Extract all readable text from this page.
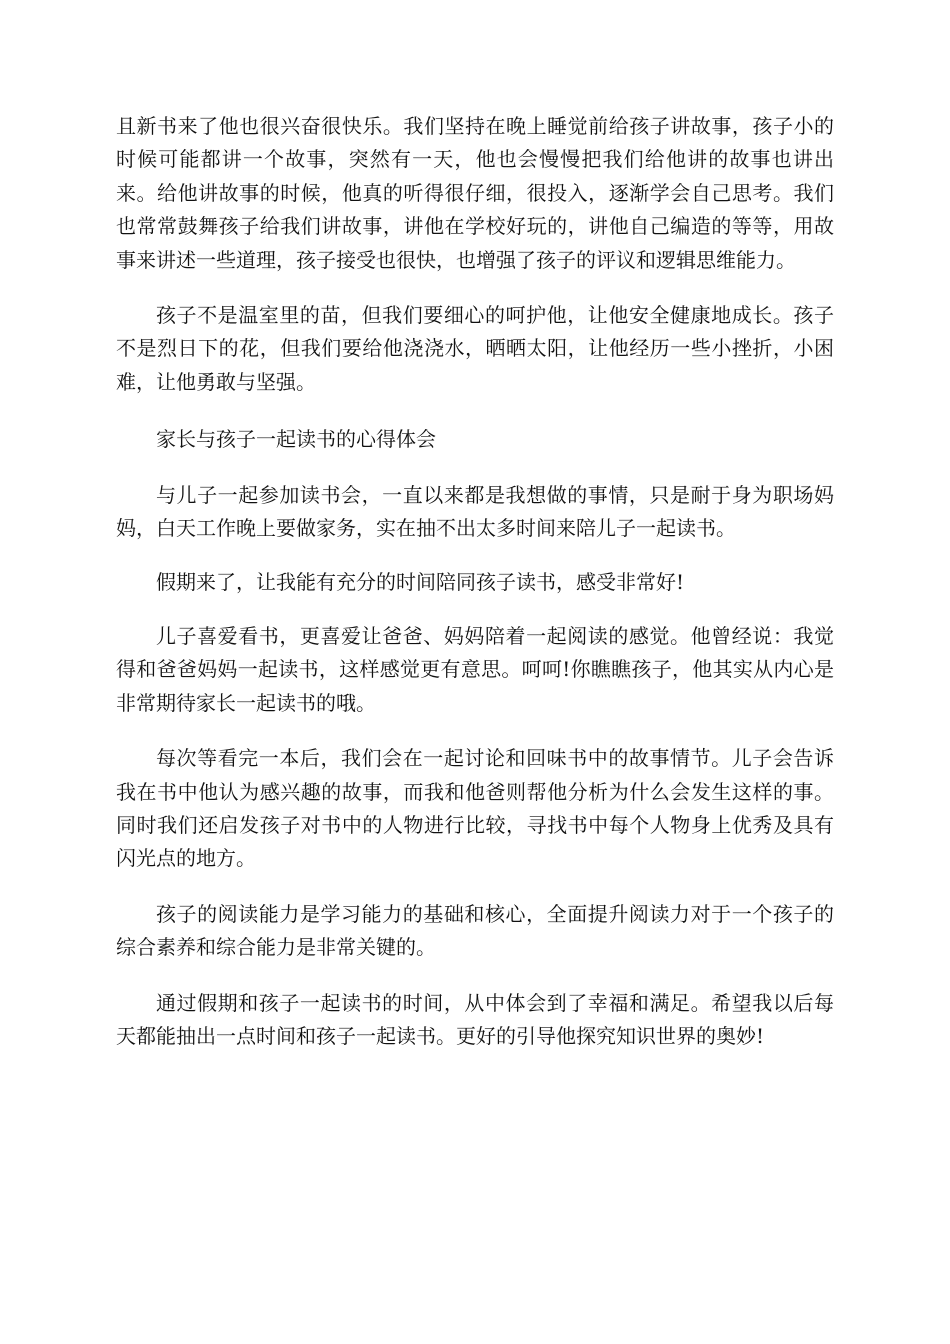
且新书来了他也很兴奋很快乐。我们坚持在晚上睡觉前给孩子讲故事，孩子小的时候可能都讲一个故事，突然有一天，他也会慢慢把我们给他讲的故事也讲出来。给他讲故事的时候，他真的听得很仔细，很投入，逐渐学会自己思考。我们也常常鼓舞孩子给我们讲故事，讲他在学校好玩的，讲他自己编造的等等，用故事来讲述一些道理，孩子接受也很快，也增强了孩子的评议和逻辑思维能力。

孩子不是温室里的苗，但我们要细心的呵护他，让他安全健康地成长。孩子不是烈日下的花，但我们要给他浇浇水，晒晒太阳，让他经历一些小挫折，小困难，让他勇敢与坚强。

家长与孩子一起读书的心得体会

与儿子一起参加读书会，一直以来都是我想做的事情，只是耐于身为职场妈妈，白天工作晚上要做家务，实在抽不出太多时间来陪儿子一起读书。

假期来了，让我能有充分的时间陪同孩子读书，感受非常好!

儿子喜爱看书，更喜爱让爸爸、妈妈陪着一起阅读的感觉。他曾经说：我觉得和爸爸妈妈一起读书，这样感觉更有意思。呵呵!你瞧瞧孩子，他其实从内心是非常期待家长一起读书的哦。

每次等看完一本后，我们会在一起讨论和回味书中的故事情节。儿子会告诉我在书中他认为感兴趣的故事，而我和他爸则帮他分析为什么会发生这样的事。同时我们还启发孩子对书中的人物进行比较，寻找书中每个人物身上优秀及具有闪光点的地方。

孩子的阅读能力是学习能力的基础和核心，全面提升阅读力对于一个孩子的综合素养和综合能力是非常关键的。

通过假期和孩子一起读书的时间，从中体会到了幸福和满足。希望我以后每天都能抽出一点时间和孩子一起读书。更好的引导他探究知识世界的奥妙!
